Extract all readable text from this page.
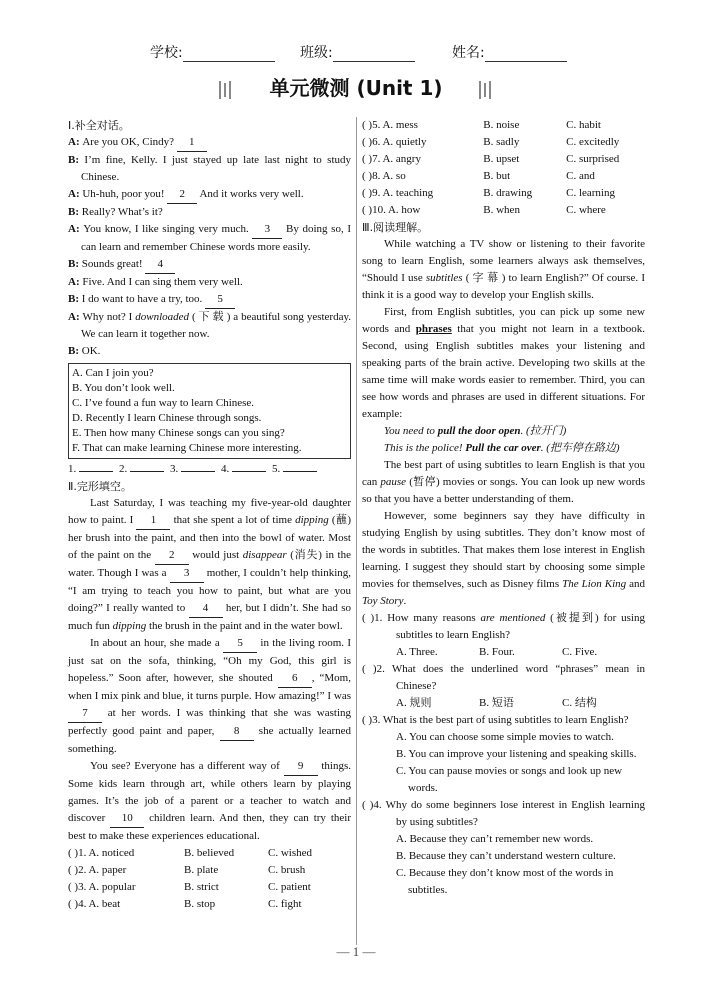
学校:	班级:	姓名:
单元微测 (Unit 1)
Ⅰ.补全对话。
A: Are you OK, Cindy? 1
B: I’m fine, Kelly. I just stayed up late last night to study Chinese.
A: Uh-huh, poor you! 2 And it works very well.
B: Really? What’s it?
A: You know, I like singing very much. 3 By doing so, I can learn and remember Chinese words more easily.
B: Sounds great! 4
A: Five. And I can sing them very well.
B: I do want to have a try, too. 5
A: Why not? I downloaded ( 下 载 ) a beautiful song yesterday. We can learn it together now.
B: OK.
A. Can I join you?
B. You don’t look well.
C. I’ve found a fun way to learn Chinese.
D. Recently I learn Chinese through songs.
E. Then how many Chinese songs can you sing?
F. That can make learning Chinese more interesting.
1.	2.	3.	4.	5.
Ⅱ.完形填空。

Last Saturday, I was teaching my five-year-old daughter how to paint. I 1 that she spent a lot of time dipping (蘸) her brush into the paint, and then into the bowl of water. Most of the paint on the 2 would just disappear (消失) in the water. Though I was a 3 mother, I couldn’t help thinking, “I am trying to teach you how to paint, but what are you doing?” I really wanted to 4 her, but I didn’t. She had so much fun dipping the brush in the paint and in the water bowl.

In about an hour, she made a 5 in the living room. I just sat on the sofa, thinking, “Oh my God, this girl is hopeless.” Soon after, however, she shouted 6 , “Mom, when I mix pink and blue, it turns purple. How amazing!” I was 7 at her words. I was thinking that she was wasting perfectly good paint and paper, 8 she actually learned something.

You see? Everyone has a different way of 9 things. Some kids learn through art, while others learn by playing games. It’s the job of a parent or a teacher to watch and discover 10 children learn. And then, they can try their best to make these experiences educational.

( )1. A. noticed	B. believed	C. wished
( )2. A. paper	B. plate	C. brush
( )3. A. popular	B. strict	C. patient
( )4. A. beat	B. stop	C. fight
( )5. A. mess	B. noise	C. habit
( )6. A. quietly	B. sadly	C. excitedly
( )7. A. angry	B. upset	C. surprised
( )8. A. so	B. but	C. and
( )9. A. teaching	B. drawing	C. learning
( )10. A. how	B. when	C. where
Ⅲ.阅读理解。

While watching a TV show or listening to their favorite song to learn English, some learners always ask themselves, “Should I use subtitles ( 字 幕 ) to learn English?” Of course. I think it is a good way to develop your English skills.

First, from English subtitles, you can pick up some new words and phrases that you might not learn in a textbook. Second, using English subtitles makes your listening and speaking parts of the brain active. Developing two skills at the same time will make words easier to remember. Third, you can see how words and phrases are used in different situations. For example:

You need to pull the door open. (拉开门)
This is the police! Pull the car over. (把车停在路边)

The best part of using subtitles to learn English is that you can pause (暂停) movies or songs. You can look up new words so that you have a better understanding of them.

However, some beginners say they have difficulty in studying English by using subtitles. They don’t know most of the words in subtitles. That makes them lose interest in English learning. I suggest they should start by choosing some simple movies for themselves, such as Disney films The Lion King and Toy Story.

( )1. How many reasons are mentioned (被提到) for using subtitles to learn English?
A. Three.	B. Four.	C. Five.
( )2. What does the underlined word “phrases” mean in Chinese?
A. 规则	B. 短语	C. 结构
( )3. What is the best part of using subtitles to learn English?
A. You can choose some simple movies to watch.
B. You can improve your listening and speaking skills.
C. You can pause movies or songs and look up new words.
( )4. Why do some beginners lose interest in English learning by using subtitles?
A. Because they can’t remember new words.
B. Because they can’t understand western culture.
C. Because they don’t know most of the words in subtitles.
— 1 —
